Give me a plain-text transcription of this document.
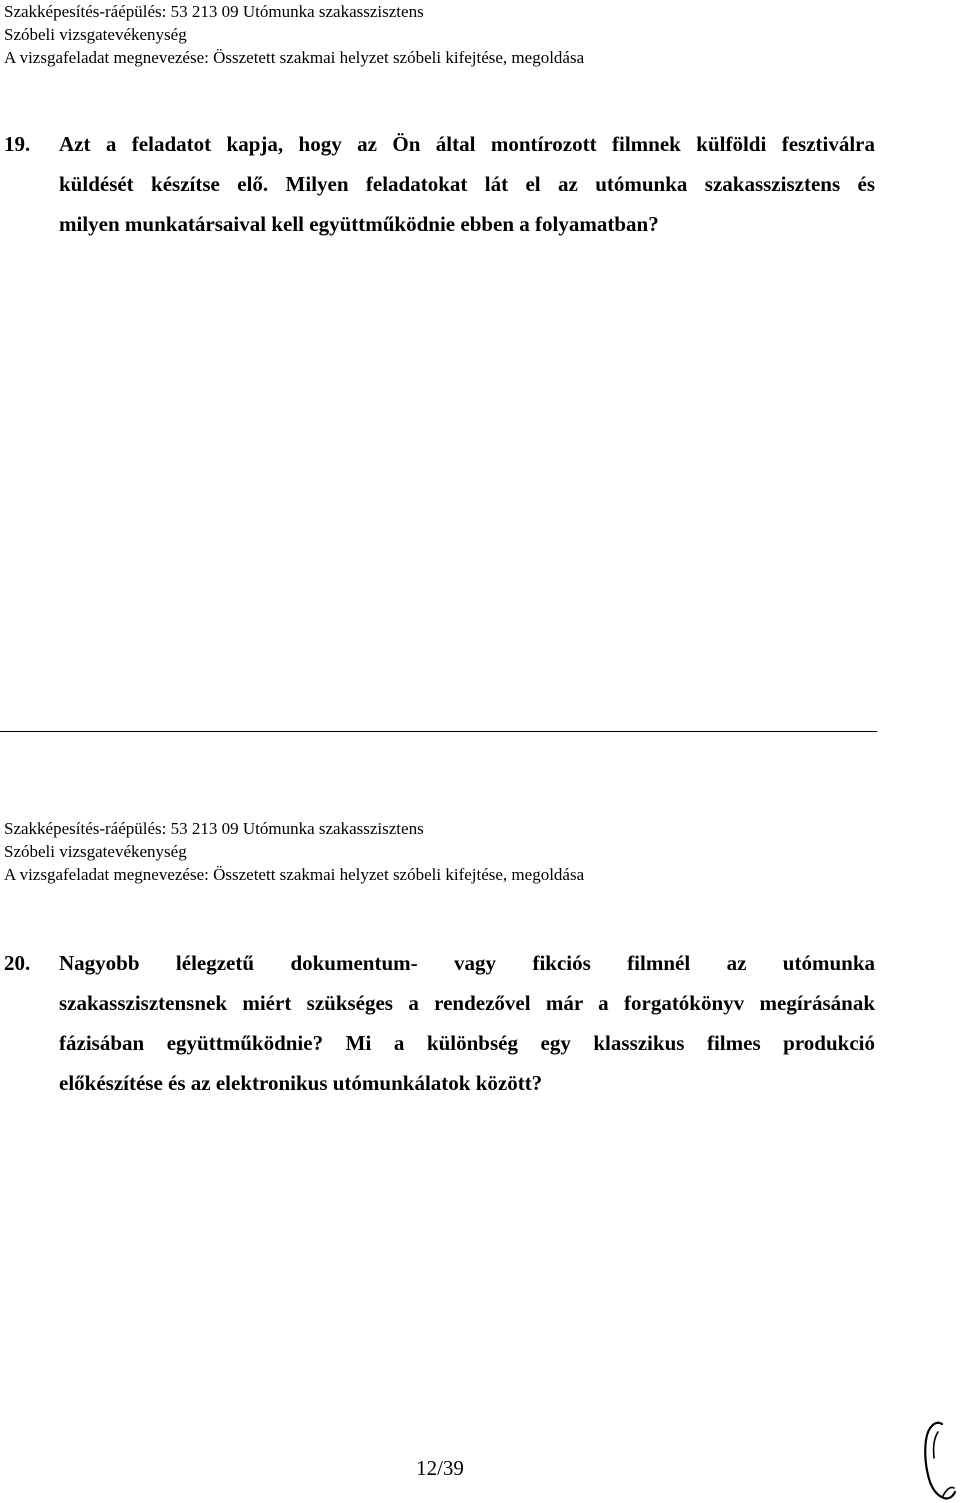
Szakképesítés-ráépülés: 53 213 09 Utómunka szakasszisztens
Szóbeli vizsgatevékenység
A vizsgafeladat megnevezése: Összetett szakmai helyzet szóbeli kifejtése, megoldása
19. Azt a feladatot kapja, hogy az Ön által montírozott filmnek külföldi fesztiválra
küldését készítse elő. Milyen feladatokat lát el az utómunka szakasszisztens és
milyen munkatársaival kell együttműködnie ebben a folyamatban?
Szakképesítés-ráépülés: 53 213 09 Utómunka szakasszisztens
Szóbeli vizsgatevékenység
A vizsgafeladat megnevezése: Összetett szakmai helyzet szóbeli kifejtése, megoldása
20. Nagyobb lélegzetű dokumentum- vagy fikciós filmnél az utómunka
szakasszisztensnek miért szükséges a rendezővel már a forgatókönyv megírásának
fázisában együttműködnie? Mi a különbség egy klasszikus filmes produkció
előkészítése és az elektronikus utómunkálatok között?
12/39
